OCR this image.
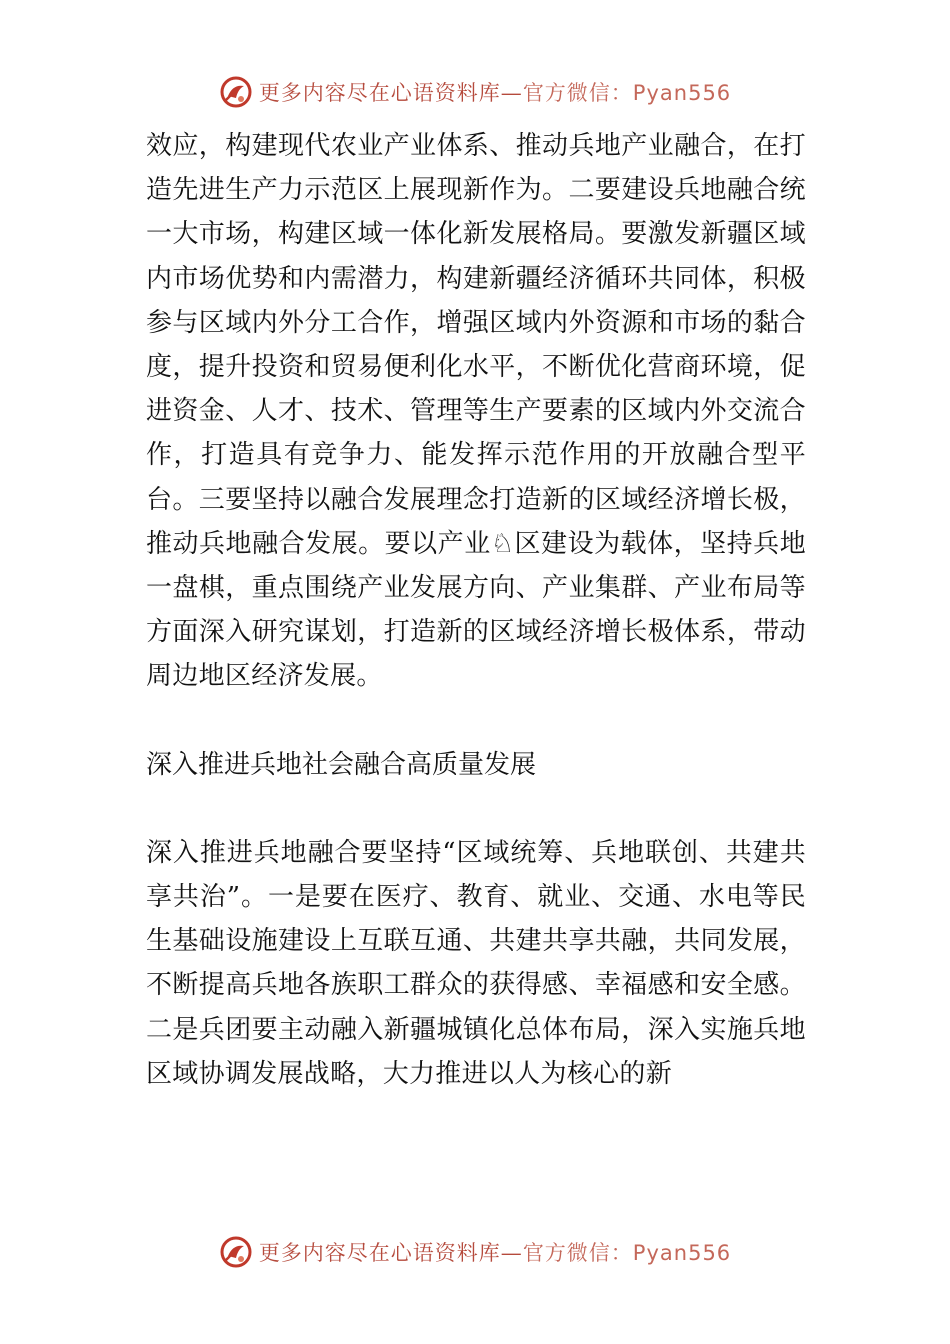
更多内容尽在心语资料库—官方微信：Pyan556

效应，构建现代农业产业体系、推动兵地产业融合，在打造先进生产力示范区上展现新作为。二要建设兵地融合统一大市场，构建区域一体化新发展格局。要激发新疆区域内市场优势和内需潜力，构建新疆经济循环共同体，积极参与区域内外分工合作，增强区域内外资源和市场的黏合度，提升投资和贸易便利化水平，不断优化营商环境，促进资金、人才、技术、管理等生产要素的区域内外交流合作，打造具有竞争力、能发挥示范作用的开放融合型平台。三要坚持以融合发展理念打造新的区域经济增长极，推动兵地融合发展。要以产业♘区建设为载体，坚持兵地一盘棋，重点围绕产业发展方向、产业集群、产业布局等方面深入研究谋划，打造新的区域经济增长极体系，带动周边地区经济发展。

深入推进兵地社会融合高质量发展

深入推进兵地融合要坚持“区域统筹、兵地联创、共建共享共治”。一是要在医疗、教育、就业、交通、水电等民生基础设施建设上互联互通、共建共享共融，共同发展，不断提高兵地各族职工群众的获得感、幸福感和安全感。二是兵团要主动融入新疆城镇化总体布局，深入实施兵地区域协调发展战略，大力推进以人为核心的新

更多内容尽在心语资料库—官方微信：Pyan556
